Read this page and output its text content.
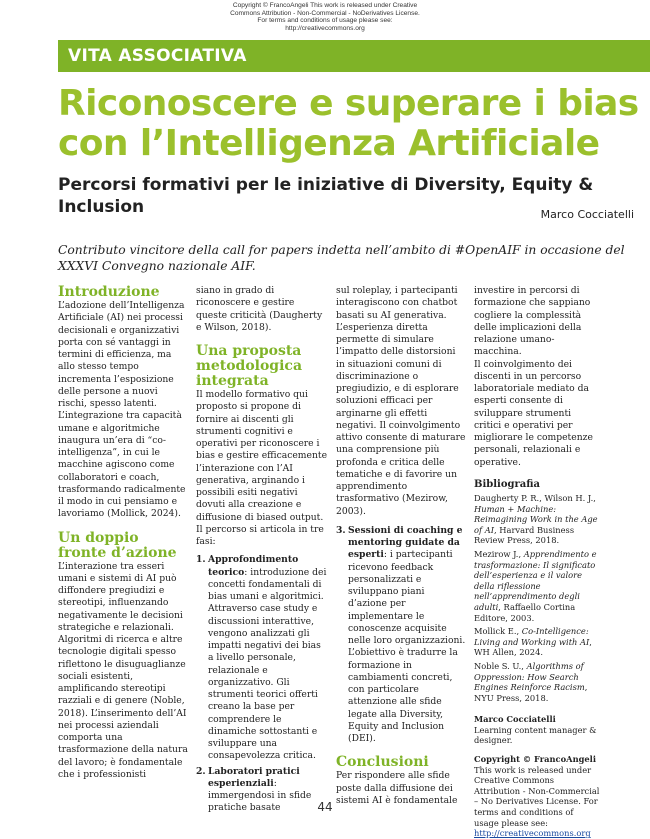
Copyright © FrancoAngeli This work is released under Creative
Commons Attribution - Non-Commercial - NoDerivatives License.
For terms and conditions of usage please see:
http://creativecommons.org
VITA ASSOCIATIVA
Riconoscere e superare i bias con l’Intelligenza Artificiale
Percorsi formativi per le iniziative di Diversity, Equity & Inclusion	Marco Cocciatelli
Contributo vincitore della call for papers indetta nell’ambito di #OpenAIF in occasione del XXXVI Convegno nazionale AIF.
Introduzione

L’adozione dell’Intelligenza Artificiale (AI) nei processi decisionali e organizzativi porta con sé vantaggi in termini di efficienza, ma allo stesso tempo incrementa l’esposizione delle persone a nuovi rischi, spesso latenti. L’integrazione tra capacità umane e algoritmiche inaugura un’era di “co-intelligenza”, in cui le macchine agiscono come collaboratori e coach, trasformando radicalmente il modo in cui pensiamo e lavoriamo (Mollick, 2024).

Un doppio fronte d’azione

L’interazione tra esseri umani e sistemi di AI può diffondere pregiudizi e stereotipi, influenzando negativamente le decisioni strategiche e relazionali. Algoritmi di ricerca e altre tecnologie digitali spesso riflettono le disuguaglianze sociali esistenti, amplificando stereotipi razziali e di genere (Noble, 2018). L’inserimento dell’AI nei processi aziendali comporta una trasformazione della natura del lavoro; è fondamentale che i professionisti

siano in grado di riconoscere e gestire queste criticità (Daugherty e Wilson, 2018).

Una proposta metodologica integrata

Il modello formativo qui proposto si propone di fornire ai discenti gli strumenti cognitivi e operativi per riconoscere i bias e gestire efficacemente l’interazione con l’AI generativa, arginando i possibili esiti negativi dovuti alla creazione e diffusione di biased output. Il percorso si articola in tre fasi:

1. Approfondimento teorico: introduzione dei concetti fondamentali di bias umani e algoritmici. Attraverso case study e discussioni interattive, vengono analizzati gli impatti negativi dei bias a livello personale, relazionale e organizzativo. Gli strumenti teorici offerti creano la base per comprendere le dinamiche sottostanti e sviluppare una consapevolezza critica.
2. Laboratori pratici esperienziali: immergendosi in sfide pratiche basate

sul roleplay, i partecipanti interagiscono con chatbot basati su AI generativa. L’esperienza diretta permette di simulare l’impatto delle distorsioni in situazioni comuni di discriminazione o pregiudizio, e di esplorare soluzioni efficaci per arginarne gli effetti negativi. Il coinvolgimento attivo consente di maturare una comprensione più profonda e critica delle tematiche e di favorire un apprendimento trasformativo (Mezirow, 2003).

3. Sessioni di coaching e mentoring guidate da esperti: i partecipanti ricevono feedback personalizzati e sviluppano piani d’azione per implementare le conoscenze acquisite nelle loro organizzazioni. L’obiettivo è tradurre la formazione in cambiamenti concreti, con particolare attenzione alle sfide legate alla Diversity, Equity and Inclusion (DEI).
Conclusioni

Per rispondere alle sfide poste dalla diffusione dei sistemi AI è fondamentale

investire in percorsi di formazione che sappiano cogliere la complessità delle implicazioni della relazione umano-macchina.

Il coinvolgimento dei discenti in un percorso laboratoriale mediato da esperti consente di sviluppare strumenti critici e operativi per migliorare le competenze personali, relazionali e operative.

Bibliografia

Daugherty P. R., Wilson H. J., Human + Machine: Reimagining Work in the Age of AI, Harvard Business Review Press, 2018.

Mezirow J., Apprendimento e trasformazione: Il significato dell’esperienza e il valore della riflessione nell’apprendimento degli adulti, Raffaello Cortina Editore, 2003.

Mollick E., Co-Intelligence: Living and Working with AI, WH Allen, 2024.

Noble S. U., Algorithms of Oppression: How Search Engines Reinforce Racism, NYU Press, 2018.

Marco Cocciatelli
Learning content manager & designer.
Copyright © FrancoAngeli
This work is released under Creative Commons Attribution - Non-Commercial – No Derivatives License. For terms and conditions of usage please see:
http://creativecommons.org
44
